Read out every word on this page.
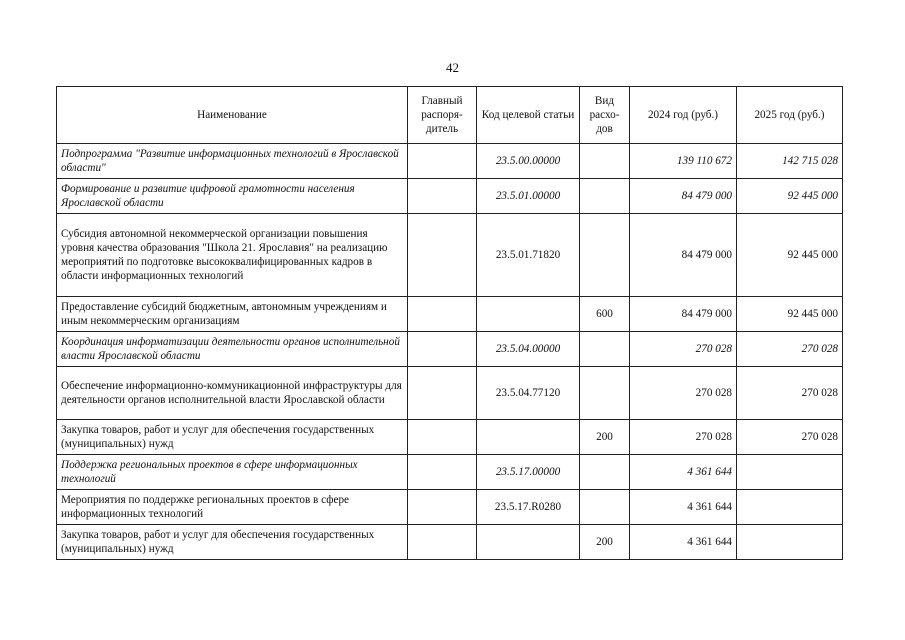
42
Наименование	Главный распоря-дитель	Код целевой статьи	Вид расхо-дов	2024 год (руб.)	2025 год (руб.)
Подпрограмма "Развитие информационных технологий в Ярославской области"		23.5.00.00000		139 110 672	142 715 028
Формирование и развитие цифровой грамотности населения Ярославской области		23.5.01.00000		84 479 000	92 445 000
Субсидия автономной некоммерческой организации повышения уровня качества образования "Школа 21. Ярославия" на реализацию мероприятий по подготовке высококвалифицированных кадров в области информационных технологий		23.5.01.71820		84 479 000	92 445 000
Предоставление субсидий бюджетным, автономным учреждениям и иным некоммерческим организациям			600	84 479 000	92 445 000
Координация информатизации деятельности органов исполнительной власти Ярославской области		23.5.04.00000		270 028	270 028
Обеспечение информационно-коммуникационной инфраструктуры для деятельности органов исполнительной власти Ярославской области		23.5.04.77120		270 028	270 028
Закупка товаров, работ и услуг для обеспечения государственных (муниципальных) нужд			200	270 028	270 028
Поддержка региональных проектов в сфере информационных технологий		23.5.17.00000		4 361 644	
Мероприятия по поддержке региональных проектов в сфере информационных технологий		23.5.17.R0280		4 361 644	
Закупка товаров, работ и услуг для обеспечения государственных (муниципальных) нужд			200	4 361 644	
